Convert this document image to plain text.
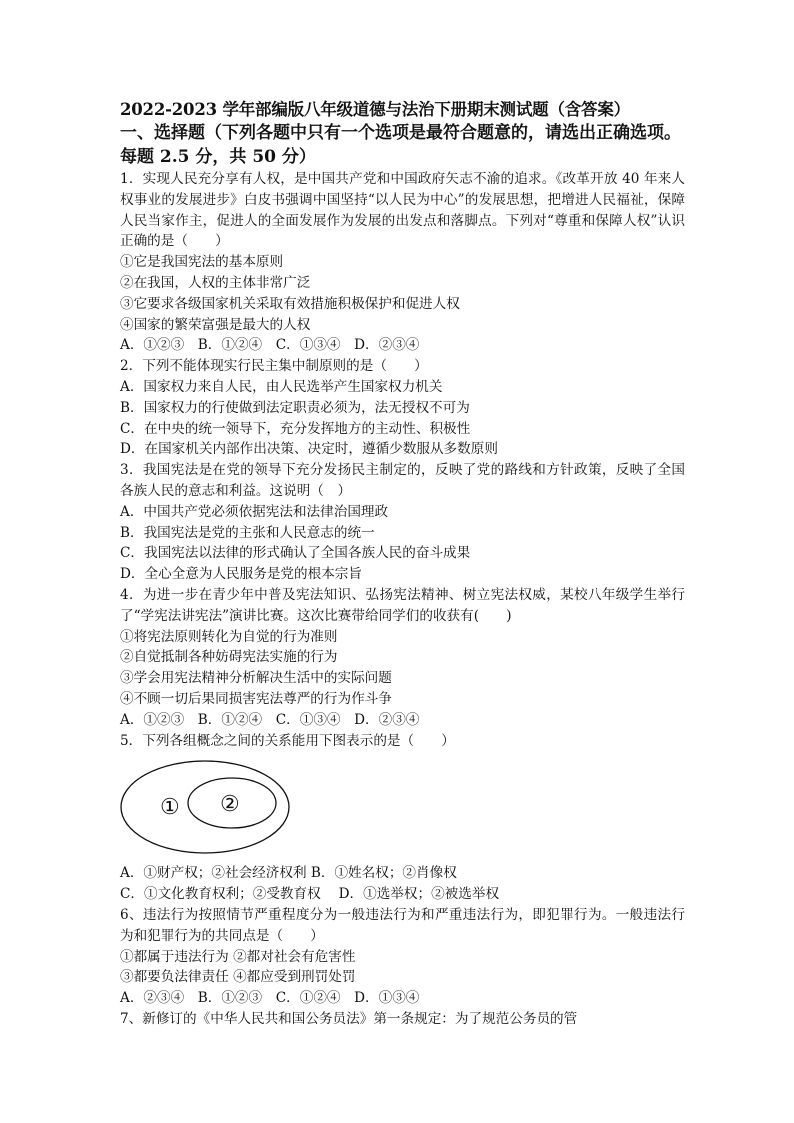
2022-2023 学年部编版八年级道德与法治下册期末测试题（含答案）

一、选择题（下列各题中只有一个选项是最符合题意的，请选出正确选项。每题 2.5 分，共 50 分）

1．实现人民充分享有人权，是中国共产党和中国政府矢志不渝的追求。《改革开放 40 年来人权事业的发展进步》白皮书强调中国坚持“以人民为中心”的发展思想，把增进人民福祉，保障人民当家作主，促进人的全面发展作为发展的出发点和落脚点。下列对“尊重和保障人权”认识正确的是（　　）

①它是我国宪法的基本原则

②在我国，人权的主体非常广泛

③它要求各级国家机关采取有效措施积极保护和促进人权

④国家的繁荣富强是最大的人权

A．①②③　B．①②④　C．①③④　D．②③④

2．下列不能体现实行民主集中制原则的是（　　）

A．国家权力来自人民，由人民选举产生国家权力机关

B．国家权力的行使做到法定职责必须为，法无授权不可为

C．在中央的统一领导下，充分发挥地方的主动性、积极性

D．在国家机关内部作出决策、决定时，遵循少数服从多数原则

3．我国宪法是在党的领导下充分发扬民主制定的，反映了党的路线和方针政策，反映了全国各族人民的意志和利益。这说明（　）

A．中国共产党必须依据宪法和法律治国理政

B．我国宪法是党的主张和人民意志的统一

C．我国宪法以法律的形式确认了全国各族人民的奋斗成果

D．全心全意为人民服务是党的根本宗旨

4．为进一步在青少年中普及宪法知识、弘扬宪法精神、树立宪法权威，某校八年级学生举行了“学宪法讲宪法”演讲比赛。这次比赛带给同学们的收获有(　　)

①将宪法原则转化为自觉的行为准则

②自觉抵制各种妨碍宪法实施的行为

③学会用宪法精神分析解决生活中的实际问题

④不顾一切后果同损害宪法尊严的行为作斗争

A．①②③　B．①②④　C．①③④　D．②③④

5．下列各组概念之间的关系能用下图表示的是（　　）

① ②

A．①财产权；②社会经济权利 B．①姓名权；②肖像权

C．①文化教育权利；②受教育权　 D．①选举权；②被选举权

6、违法行为按照情节严重程度分为一般违法行为和严重违法行为，即犯罪行为。一般违法行为和犯罪行为的共同点是（　　）

①都属于违法行为 ②都对社会有危害性

③都要负法律责任 ④都应受到刑罚处罚

A．②③④　B．①②③　C．①②④　D．①③④

7、新修订的《中华人民共和国公务员法》第一条规定：为了规范公务员的管
